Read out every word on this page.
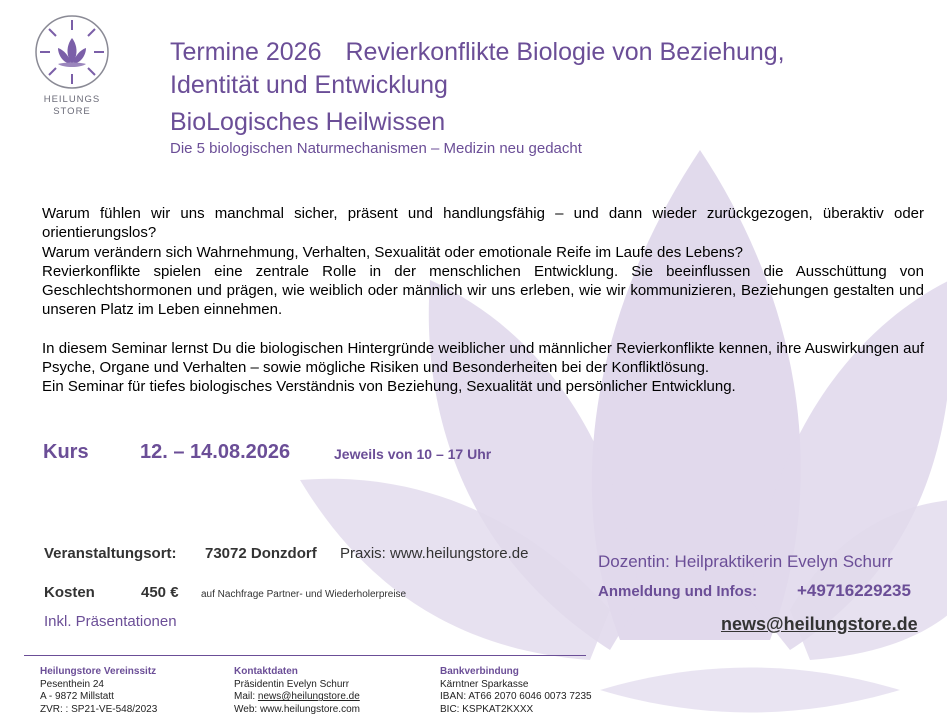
HEILUNGS
STORE
Termine 2026 Revierkonflikte Biologie von Beziehung,
Identität und Entwicklung
BioLogisches Heilwissen
Die 5 biologischen Naturmechanismen – Medizin neu gedacht

Warum fühlen wir uns manchmal sicher, präsent und handlungsfähig – und dann wieder zurückgezogen, überaktiv oder orientierungslos?

Warum verändern sich Wahrnehmung, Verhalten, Sexualität oder emotionale Reife im Laufe des Lebens?

Revierkonflikte spielen eine zentrale Rolle in der menschlichen Entwicklung. Sie beeinflussen die Ausschüttung von Geschlechtshormonen und prägen, wie weiblich oder männlich wir uns erleben, wie wir kommunizieren, Beziehungen gestalten und unseren Platz im Leben einnehmen.

In diesem Seminar lernst Du die biologischen Hintergründe weiblicher und männlicher Revierkonflikte kennen, ihre Auswirkungen auf Psyche, Organe und Verhalten – sowie mögliche Risiken und Besonderheiten bei der Konfliktlösung.

Ein Seminar für tiefes biologisches Verständnis von Beziehung, Sexualität und persönlicher Entwicklung.

Kurs	12. – 14.08.2026	Jeweils von 10 – 17 Uhr
Veranstaltungsort: 73072 Donzdorf Praxis: www.heilungstore.de
Kosten	450 € auf Nachfrage Partner- und Wiederholerpreise
Inkl. Präsentationen
Dozentin: Heilpraktikerin Evelyn Schurr
Anmeldung und Infos: +49716229235
news@heilungstore.de
Heilungstore Vereinssitz
Pesenthein 24
A - 9872 Millstatt
ZVR: : SP21-VE-548/2023
Kontaktdaten
Präsidentin Evelyn Schurr
Mail: news@heilungstore.de
Web: www.heilungstore.com
Bankverbindung
Kärntner Sparkasse
IBAN: AT66 2070 6046 0073 7235
BIC: KSPKAT2KXXX
